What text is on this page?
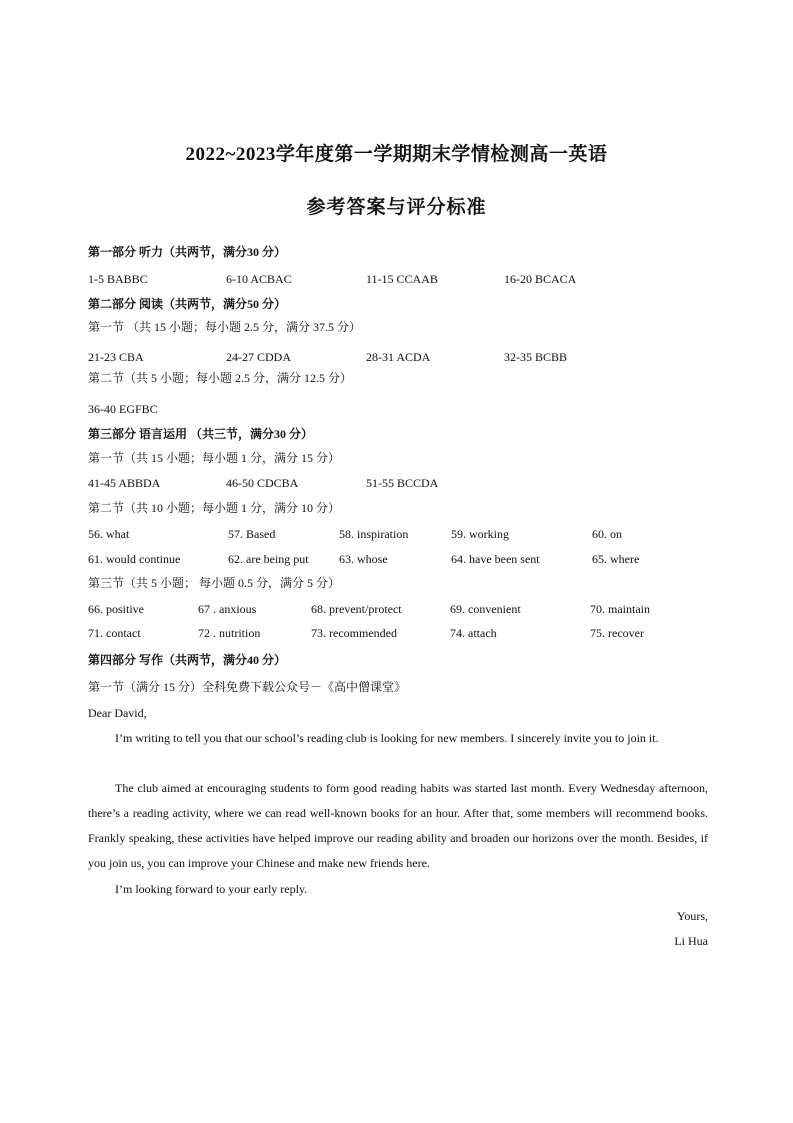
2022~2023学年度第一学期期末学情检测高一英语
参考答案与评分标准
第一部分 听力（共两节，满分30 分）
1-5 BABBC	6-10 ACBAC	11-15 CCAAB	16-20 BCACA
第二部分 阅读（共两节，满分50 分）
第一节 （共 15 小题；每小题 2.5 分，满分 37.5 分）
21-23 CBA	24-27 CDDA	28-31 ACDA	32-35 BCBB
第二节（共 5 小题；每小题 2.5 分，满分 12.5 分）
36-40 EGFBC
第三部分 语言运用 （共三节，满分30 分）
第一节（共 15 小题；每小题 1 分，满分 15 分）
41-45 ABBDA	46-50 CDCBA	51-55 BCCDA
第二节（共 10 小题；每小题 1 分，满分 10 分）
56. what	57. Based	58. inspiration	59. working	60. on
61. would continue	62. are being put	63. whose	64. have been sent	65. where
第三节（共 5 小题； 每小题 0.5 分，满分 5 分）
66. positive	67 . anxious	68. prevent/protect	69. convenient	70. maintain
71. contact	72 . nutrition	73. recommended	74. attach	75. recover
第四部分 写作（共两节，满分40 分）
第一节（满分 15 分）全科免费下载公众号－《高中僧课堂》
Dear David,
I’m writing to tell you that our school’s reading club is looking for new members. I sincerely invite you to join it.
The club aimed at encouraging students to form good reading habits was started last month. Every Wednesday afternoon, there’s a reading activity, where we can read well-known books for an hour. After that, some members will recommend books. Frankly speaking, these activities have helped improve our reading ability and broaden our horizons over the month. Besides, if you join us, you can improve your Chinese and make new friends here.
I’m looking forward to your early reply.
Yours,
Li Hua
